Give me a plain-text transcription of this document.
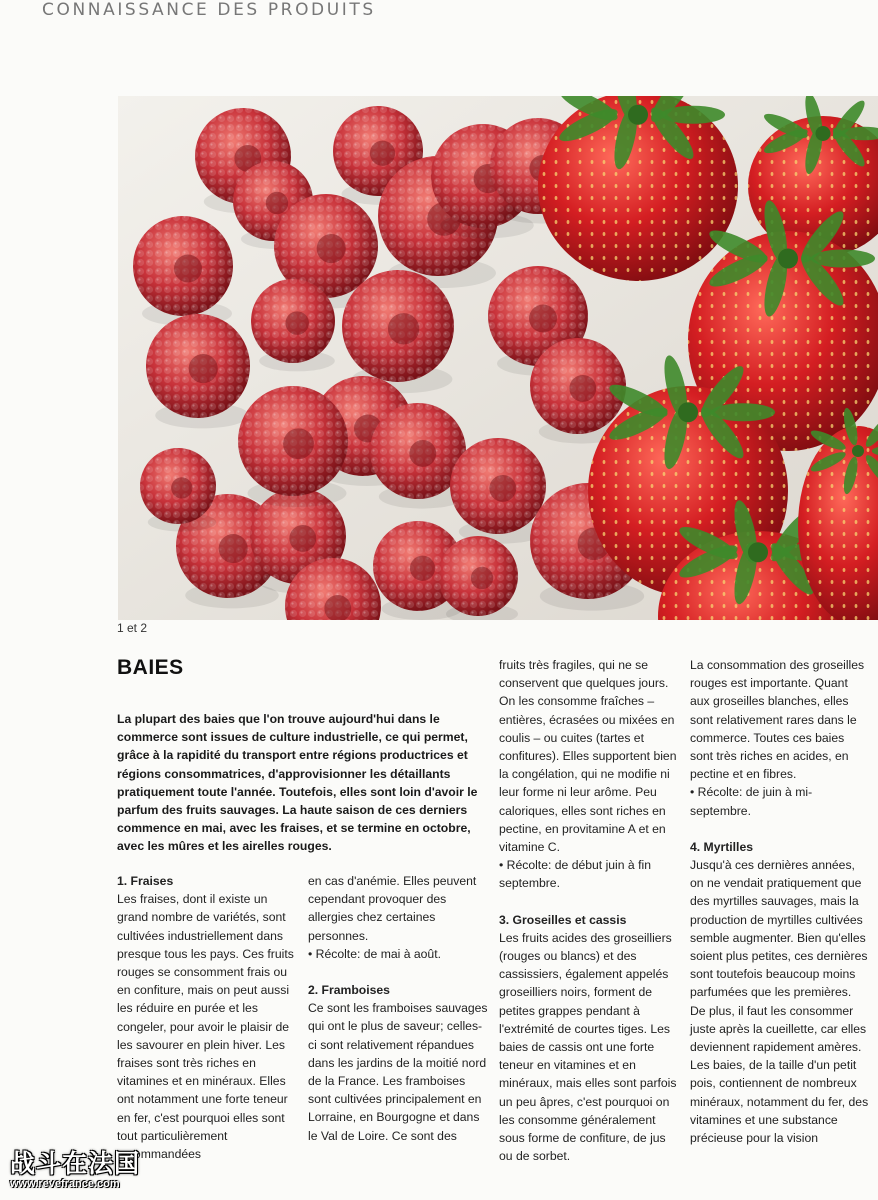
CONNAISSANCE DES PRODUITS
1 et 2
BAIES
La plupart des baies que l'on trouve aujourd'hui dans le commerce sont issues de culture industrielle, ce qui permet, grâce à la rapidité du transport entre régions productrices et régions consommatrices, d'approvisionner les détaillants pratiquement toute l'année. Toutefois, elles sont loin d'avoir le parfum des fruits sauvages. La haute saison de ces derniers commence en mai, avec les fraises, et se termine en octobre, avec les mûres et les airelles rouges.
1. Fraises

Les fraises, dont il existe un grand nombre de variétés, sont cultivées industriellement dans presque tous les pays. Ces fruits rouges se consomment frais ou en confiture, mais on peut aussi les réduire en purée et les congeler, pour avoir le plaisir de les savourer en plein hiver. Les fraises sont très riches en vitamines et en minéraux. Elles ont notamment une forte teneur en fer, c'est pourquoi elles sont tout particulièrement recommandées

en cas d'anémie. Elles peuvent cependant provoquer des allergies chez certaines personnes.

• Récolte: de mai à août.

2. Framboises

Ce sont les framboises sauvages qui ont le plus de saveur; celles-ci sont relativement répandues dans les jardins de la moitié nord de la France. Les framboises sont cultivées principalement en Lorraine, en Bourgogne et dans le Val de Loire. Ce sont des

fruits très fragiles, qui ne se conservent que quelques jours. On les consomme fraîches – entières, écrasées ou mixées en coulis – ou cuites (tartes et confitures). Elles supportent bien la congélation, qui ne modifie ni leur forme ni leur arôme. Peu caloriques, elles sont riches en pectine, en provitamine A et en vitamine C.

• Récolte: de début juin à fin septembre.

3. Groseilles et cassis

Les fruits acides des groseilliers (rouges ou blancs) et des cassissiers, également appelés groseilliers noirs, forment de petites grappes pendant à l'extrémité de courtes tiges. Les baies de cassis ont une forte teneur en vitamines et en minéraux, mais elles sont parfois un peu âpres, c'est pourquoi on les consomme généralement sous forme de confiture, de jus ou de sorbet.

La consommation des groseilles rouges est importante. Quant aux groseilles blanches, elles sont relativement rares dans le commerce. Toutes ces baies sont très riches en acides, en pectine et en fibres.

• Récolte: de juin à mi-septembre.

4. Myrtilles

Jusqu'à ces dernières années, on ne vendait pratiquement que des myrtilles sauvages, mais la production de myrtilles cultivées semble augmenter. Bien qu'elles soient plus petites, ces dernières sont toutefois beaucoup moins parfumées que les premières. De plus, il faut les consommer juste après la cueillette, car elles deviennent rapidement amères. Les baies, de la taille d'un petit pois, contiennent de nombreux minéraux, notamment du fer, des vitamines et une substance précieuse pour la vision

战斗在法国
www.revefrance.com
